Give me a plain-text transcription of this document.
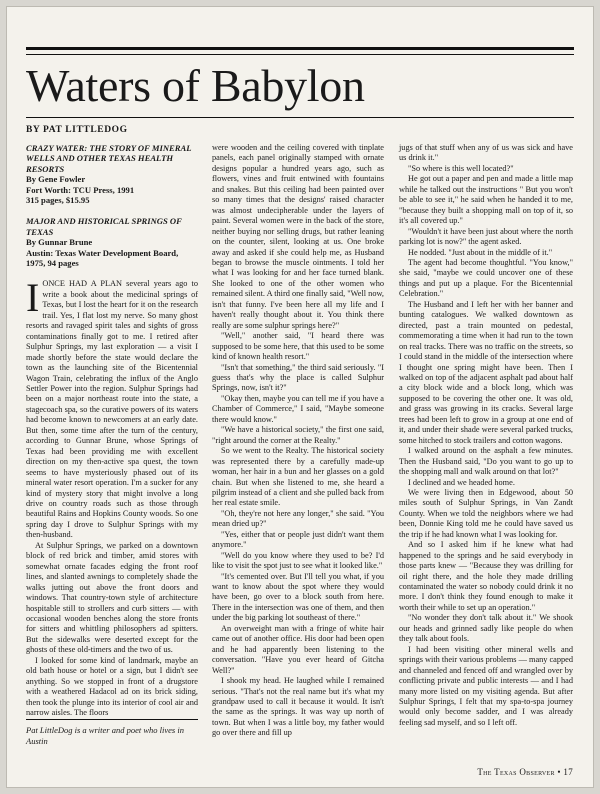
Waters of Babylon
BY PAT LITTLEDOG
CRAZY WATER: THE STORY OF MINERAL WELLS AND OTHER TEXAS HEALTH RESORTS
By Gene Fowler
Fort Worth: TCU Press, 1991
315 pages, $15.95
MAJOR AND HISTORICAL SPRINGS OF TEXAS
By Gunnar Brune
Austin: Texas Water Development Board, 1975, 94 pages

IONCE HAD A PLAN several years ago to write a book about the medicinal springs of Texas, but I lost the heart for it on the research trail. Yes, I flat lost my nerve. So many ghost resorts and ravaged spirit tales and sights of gross contaminations finally got to me. I retired after Sulphur Springs, my last exploration — a visit I made shortly before the state would declare the town as the launching site of the Bicentennial Wagon Train, celebrating the influx of the Anglo Settler Power into the region. Sulphur Springs had been on a major northeast route into the state, a stagecoach spa, so the curative powers of its waters had become known to newcomers at an early date. But then, some time after the turn of the century, according to Gunnar Brune, whose Springs of Texas had been providing me with excellent direction on my then-active spa quest, the town seems to have mysteriously phased out of its mineral water resort operation. I'm a sucker for any kind of mystery story that might involve a long drive on country roads such as those through beautiful Rains and Hopkins County woods. So one spring day I drove to Sulphur Springs with my then-husband.

At Sulphur Springs, we parked on a downtown block of red brick and timber, amid stores with somewhat ornate facades edging the front roof lines, and slanted awnings to completely shade the walks jutting out above the front doors and windows. That country-town style of architecture hospitable still to strollers and curb sitters — with occasional wooden benches along the store fronts for sitters and whittling philosophers ad spitters. But the sidewalks were deserted except for the ghosts of these old-timers and the two of us.

I looked for some kind of landmark, maybe an old bath house or hotel or a sign, but I didn't see anything. So we stopped in front of a drugstore with a weathered Hadacol ad on its brick siding, then took the plunge into its interior of cool air and narrow aisles. The floors

were wooden and the ceiling covered with tinplate panels, each panel originally stamped with ornate designs popular a hundred years ago, such as flowers, vines and fruit entwined with fountains and snakes. But this ceiling had been painted over so many times that the designs' raised character was almost undecipherable under the layers of paint. Several women were in the back of the store, neither buying nor selling drugs, but rather leaning on the counter, silent, looking at us. One broke away and asked if she could help me, as Husband began to browse the muscle ointments. I told her what I was looking for and her face turned blank. She looked to one of the other women who remained silent. A third one finally said, "Well now, isn't that funny. I've been here all my life and I haven't really thought about it. You think there really are some sulphur springs here?"

"Well," another said, "I heard there was supposed to be some here, that this used to be some kind of known health resort."

"Isn't that something," the third said seriously. "I guess that's why the place is called Sulphur Springs, now, isn't it?"

"Okay then, maybe you can tell me if you have a Chamber of Commerce," I said, "Maybe someone there would know."

"We have a historical society," the first one said, "right around the corner at the Realty."

So we went to the Realty. The historical society was represented there by a carefully made-up woman, her hair in a bun and her glasses on a gold chain. But when she listened to me, she heard a pilgrim instead of a client and she pulled back from her real estate smile.

"Oh, they're not here any longer," she said. "You mean dried up?"

"Yes, either that or people just didn't want them anymore."

"Well do you know where they used to be? I'd like to visit the spot just to see what it looked like."

"It's cemented over. But I'll tell you what, if you want to know about the spot where they would have been, go over to a block south from here. There in the intersection was one of them, and then under the big parking lot southeast of there."

An overweight man with a fringe of white hair came out of another office. His door had been open and he had apparently been listening to the conversation. "Have you ever heard of Gitcha Well?"

I shook my head. He laughed while I remained serious. "That's not the real name but it's what my grandpaw used to call it because it would. It isn't the same as the springs. It was way up north of town. But when I was a little boy, my father would go over there and fill up

jugs of that stuff when any of us was sick and have us drink it."

"So where is this well located?"

He got out a paper and pen and made a little map while he talked out the instructions " But you won't be able to see it," he said when he handed it to me, "because they built a shopping mall on top of it, so it's all covered up."

"Wouldn't it have been just about where the north parking lot is now?" the agent asked.

He nodded. "Just about in the middle of it."

The agent had become thoughtful. "You know," she said, "maybe we could uncover one of these things and put up a plaque. For the Bicentennial Celebration."

The Husband and I left her with her banner and bunting catalogues. We walked downtown as directed, past a train mounted on pedestal, commemorating a time when it had run to the town on real tracks. There was no traffic on the streets, so I could stand in the middle of the intersection where I thought one spring might have been. Then I walked on top of the adjacent asphalt pad about half a city block wide and a block long, which was supposed to be covering the other one. It was old, and grass was growing in its cracks. Several large trees had been left to grow in a group at one end of it, and under their shade were several parked trucks, some hitched to stock trailers and cotton wagons.

I walked around on the asphalt a few minutes. Then the Husband said, "Do you want to go up to the shopping mall and walk around on that lot?"

I declined and we headed home.

We were living then in Edgewood, about 50 miles south of Sulphur Springs, in Van Zandt County. When we told the neighbors where we had been, Donnie King told me he could have saved us the trip if he had known what I was looking for.

And so I asked him if he knew what had happened to the springs and he said everybody in those parts knew — "Because they was drilling for oil right there, and the hole they made drilling contaminated the water so nobody could drink it no more. I don't think they found enough to make it worth their while to set up an operation."

"No wonder they don't talk about it." We shook our heads and grinned sadly like people do when they talk about fools.

I had been visiting other mineral wells and springs with their various problems — many capped and channeled and fenced off and wrangled over by conflicting private and public interests — and I had many more listed on my visiting agenda. But after Sulphur Springs, I felt that my spa-to-spa journey would only become sadder, and I was already feeling sad myself, and so I left off.

Pat LittleDog is a writer and poet who lives in Austin
The Texas Observer • 17
